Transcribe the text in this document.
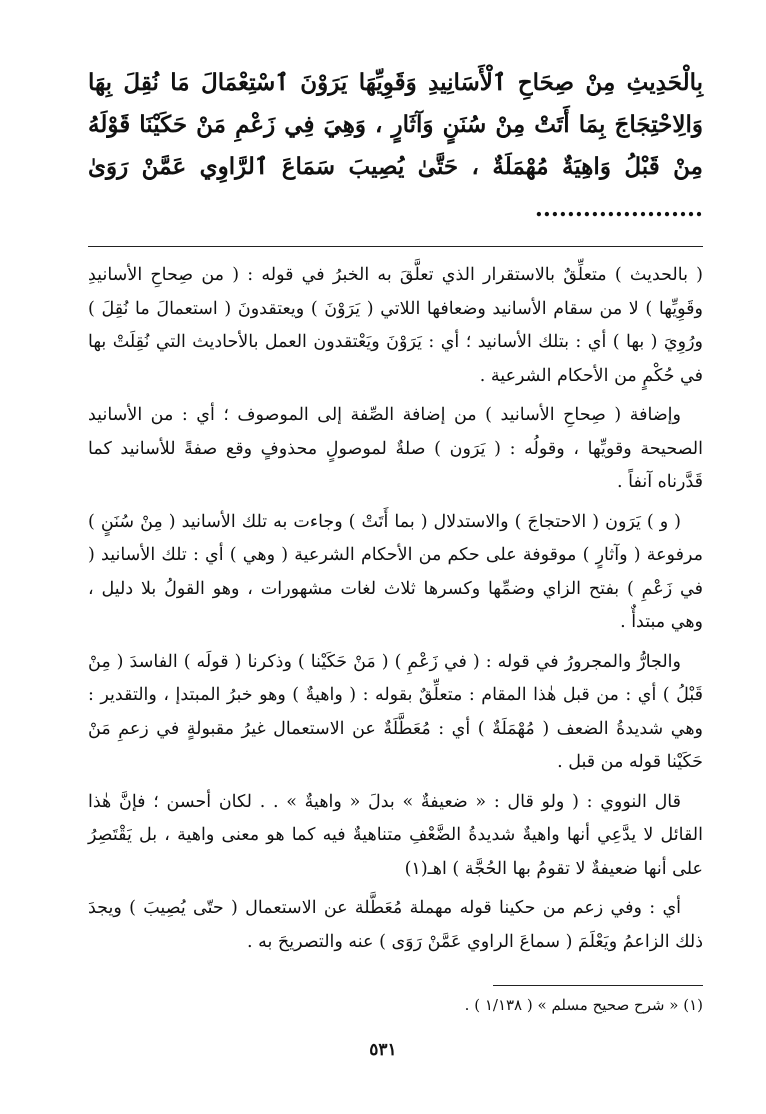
بِالْحَدِيثِ مِنْ صِحَاحِ ٱلْأَسَانِيدِ وَقَوِيِّهَا يَرَوْنَ ٱسْتِعْمَالَ مَا نُقِلَ بِهَا وَالِاحْتِجَاجَ بِمَا أَتَتْ مِنْ سُنَنٍ وَآثَارٍ ، وَهِيَ فِي زَعْمِ مَنْ حَكَيْنَا قَوْلَهُ مِنْ قَبْلُ وَاهِيَةٌ مُهْمَلَةٌ ، حَتَّىٰ يُصِيبَ سَمَاعَ ٱلرَّاوِي عَمَّنْ رَوَىٰ .....................

( بالحديث ) متعلِّقٌ بالاستقرار الذي تعلَّقَ به الخبرُ في قوله : ( من صِحاحِ الأسانيدِ وقَوِيِّها ) لا من سقام الأسانيد وضعافها اللاتي ( يَرَوْنَ ) ويعتقدونَ ( استعمالَ ما نُقِلَ ) ورُوِيَ ( بها ) أي : بتلك الأسانيد ؛ أي : يَرَوْنَ ويَعْتقدون العمل بالأحاديث التي نُقِلَتْ بها في حُكْمٍ من الأحكام الشرعية .

وإضافة ( صِحاحِ الأسانيد ) من إضافة الصِّفة إلى الموصوف ؛ أي : من الأسانيد الصحيحة وقويِّها ، وقولُه : ( يَرَون ) صلةٌ لموصولٍ محذوفٍ وقع صفةً للأسانيد كما قَدَّرناه آنفاً .

( و ) يَرَون ( الاحتجاجَ ) والاستدلال ( بما أَتَتْ ) وجاءت به تلك الأسانيد ( مِنْ سُنَنٍ ) مرفوعة ( وآثارٍ ) موقوفة على حكم من الأحكام الشرعية ( وهي ) أي : تلك الأسانيد ( في زَعْمِ ) بفتح الزاي وضمِّها وكسرها ثلاث لغات مشهورات ، وهو القولُ بلا دليل ، وهي مبتدأٌ .

والجارُّ والمجرورُ في قوله : ( في زَعْمِ ) ( مَنْ حَكَيْنا ) وذكرنا ( قولَه ) الفاسدَ ( مِنْ قَبْلُ ) أي : من قبل هٰذا المقام : متعلِّقٌ بقوله : ( واهيةٌ ) وهو خبرُ المبتدإ ، والتقدير : وهي شديدةُ الضعف ( مُهْمَلَةٌ ) أي : مُعَطَّلَةٌ عن الاستعمال غيرُ مقبولةٍ في زعمِ مَنْ حَكَيْنا قوله من قبل .

قال النووي : ( ولو قال : « ضعيفةٌ » بدلَ « واهيةٌ » . . لكان أحسن ؛ فإنَّ هٰذا القائل لا يدَّعِي أنها واهيةٌ شديدةُ الضَّعْفِ متناهيةٌ فيه كما هو معنى واهية ، بل يَقْتَصِرُ على أنها ضعيفةٌ لا تقومُ بها الحُجَّة ) اهـ(١)

أي : وفي زعم من حكينا قوله مهملة مُعَطَّلة عن الاستعمال ( حتّى يُصِيبَ ) ويجدَ ذلك الزاعمُ ويَعْلَمَ ( سماعَ الراوي عَمَّنْ رَوَى ) عنه والتصريحَ به .

(١) « شرح صحيح مسلم » ( ١/١٣٨ ) .

٥٣١
